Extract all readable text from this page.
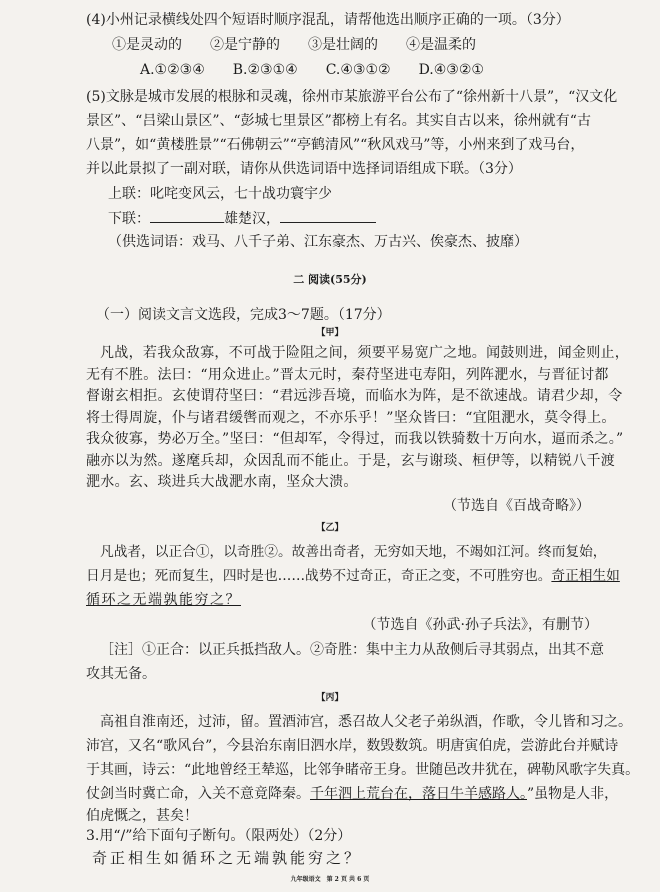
(4)小州记录横线处四个短语时顺序混乱，请帮他选出顺序正确的一项。（3分）
①是灵动的　　②是宁静的　　③是壮阔的　　④是温柔的
A.①②③④　　B.②③①④　　C.④③①②　　D.④③②①
(5)文脉是城市发展的根脉和灵魂，徐州市某旅游平台公布了“徐州新十八景”，“汉文化
景区”、“吕梁山景区”、“彭城七里景区”都榜上有名。其实自古以来，徐州就有“古
八景”，如“黄楼胜景”“石佛朝云”“亭鹤清风”“秋风戏马”等，小州来到了戏马台，
并以此景拟了一副对联，请你从供选词语中选择词语组成下联。（3分）
上联：叱咤变风云，七十战功寰宇少
下联：	雄楚汉，
（供选词语：戏马、八千子弟、江东豪杰、万古兴、俟豪杰、披靡）
二 阅读(55分)
（一）阅读文言文选段，完成3～7题。（17分）
【甲】
凡战，若我众敌寡，不可战于险阻之间，须要平易宽广之地。闻鼓则进，闻金则止，
无有不胜。法曰：“用众进止。”晋太元时，秦苻坚进屯寿阳，列阵淝水，与晋征讨都
督谢玄相拒。玄使谓苻坚曰：“君远涉吾境，而临水为阵，是不欲速战。请君少却，令
将士得周旋，仆与诸君缓辔而观之，不亦乐乎！”坚众皆曰：“宜阻淝水，莫令得上。
我众彼寡，势必万全。”坚曰：“但却军，令得过，而我以铁骑数十万向水，逼而杀之。”
融亦以为然。遂麾兵却，众因乱而不能止。于是，玄与谢琰、桓伊等，以精锐八千渡
淝水。玄、琰进兵大战淝水南，坚众大溃。
（节选自《百战奇略》）
【乙】
凡战者，以正合①，以奇胜②。故善出奇者，无穷如天地，不竭如江河。终而复始，
日月是也；死而复生，四时是也……战势不过奇正，奇正之变，不可胜穷也。奇正相生如
循环之无端孰能穷之？
（节选自《孙武·孙子兵法》，有删节）
［注］①正合：以正兵抵挡敌人。②奇胜：集中主力从敌侧后寻其弱点，出其不意
攻其无备。
【丙】
高祖自淮南还，过沛，留。置酒沛宫，悉召故人父老子弟纵酒，作歌，令儿皆和习之。
沛宫，又名“歌风台”，今县治东南旧泗水岸，数毁数筑。明唐寅伯虎，尝游此台并赋诗
于其画，诗云：“此地曾经王辇巡，比邻争睹帝王身。世随邑改井犹在，碑勒风歌字失真。
仗剑当时冀亡命，入关不意竟降秦。千年泗上荒台在，落日牛羊感路人。”虽物是人非，
伯虎慨之，甚矣！
3.用“/”给下面句子断句。（限两处）（2分）
奇正相生如循环之无端孰能穷之？
九年级语文　第 2 页 共 6 页
